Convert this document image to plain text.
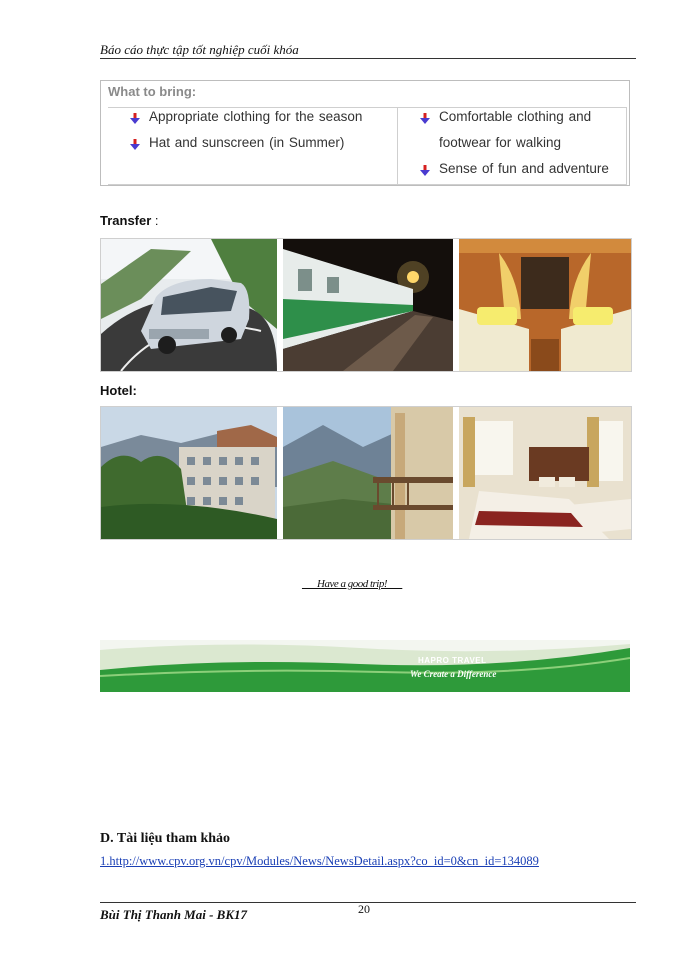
Báo cáo thực tập tốt nghiệp cuối khóa
What to bring:
Appropriate clothing for the season
Hat and sunscreen (in Summer)
Comfortable clothing and
footwear for walking
Sense of fun and adventure
Transfer :
Hotel:
___Have a good trip!___
HAPRO TRAVEL
We Create a Difference
D. Tài liệu tham khảo
1.http://www.cpv.org.vn/cpv/Modules/News/NewsDetail.aspx?co_id=0&cn_id=134089
Bùi Thị Thanh Mai - BK17	20
